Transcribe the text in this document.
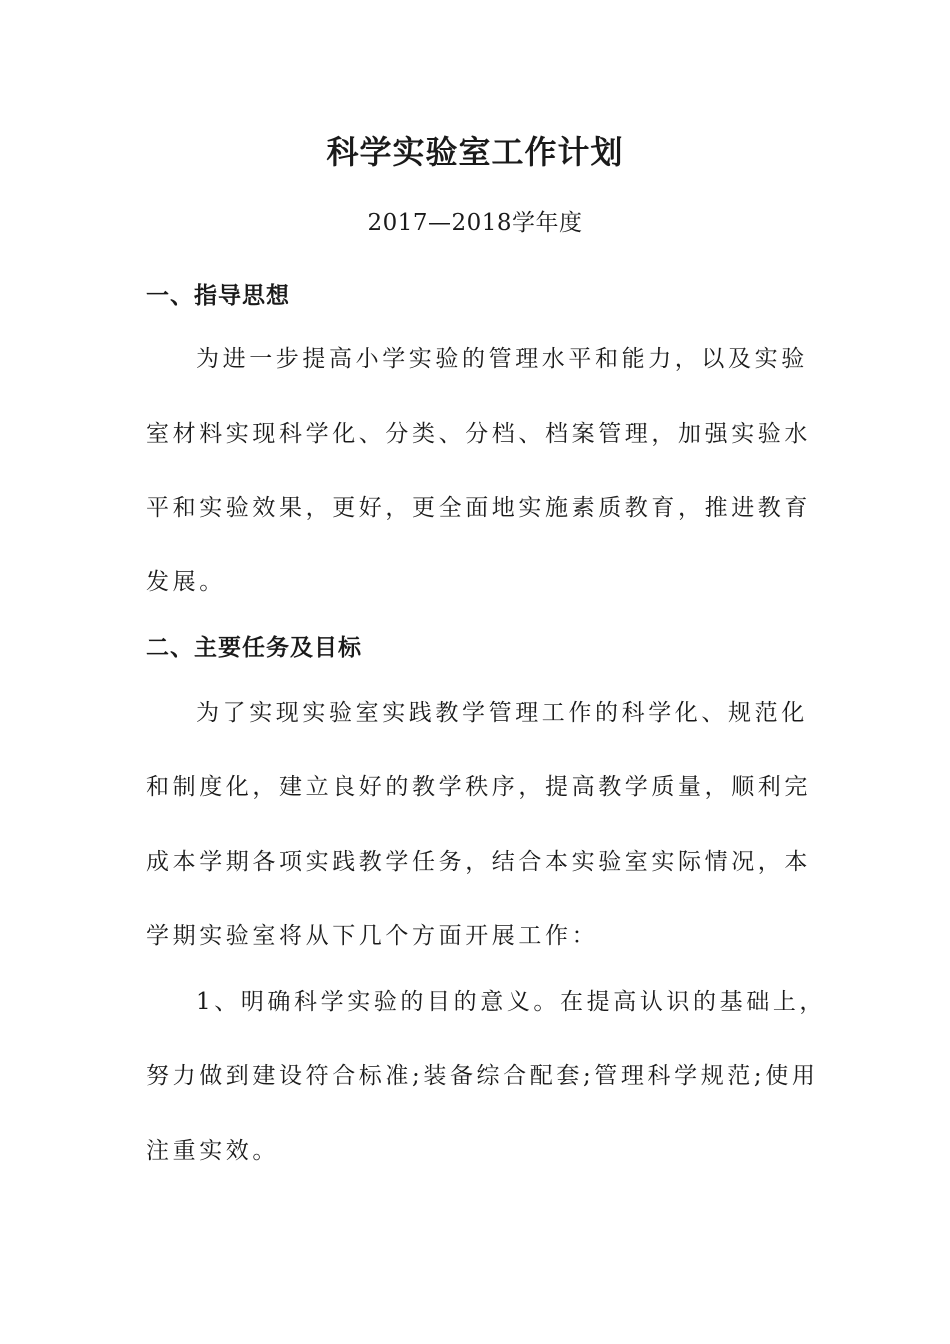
科学实验室工作计划
2017—2018学年度
一、指导思想
为进一步提高小学实验的管理水平和能力，以及实验
室材料实现科学化、分类、分档、档案管理，加强实验水
平和实验效果，更好，更全面地实施素质教育，推进教育
发展。
二、主要任务及目标
为了实现实验室实践教学管理工作的科学化、规范化
和制度化，建立良好的教学秩序，提高教学质量，顺利完
成本学期各项实践教学任务，结合本实验室实际情况，本
学期实验室将从下几个方面开展工作：
1、明确科学实验的目的意义。在提高认识的基础上，
努力做到建设符合标准;装备综合配套;管理科学规范;使用
注重实效。
